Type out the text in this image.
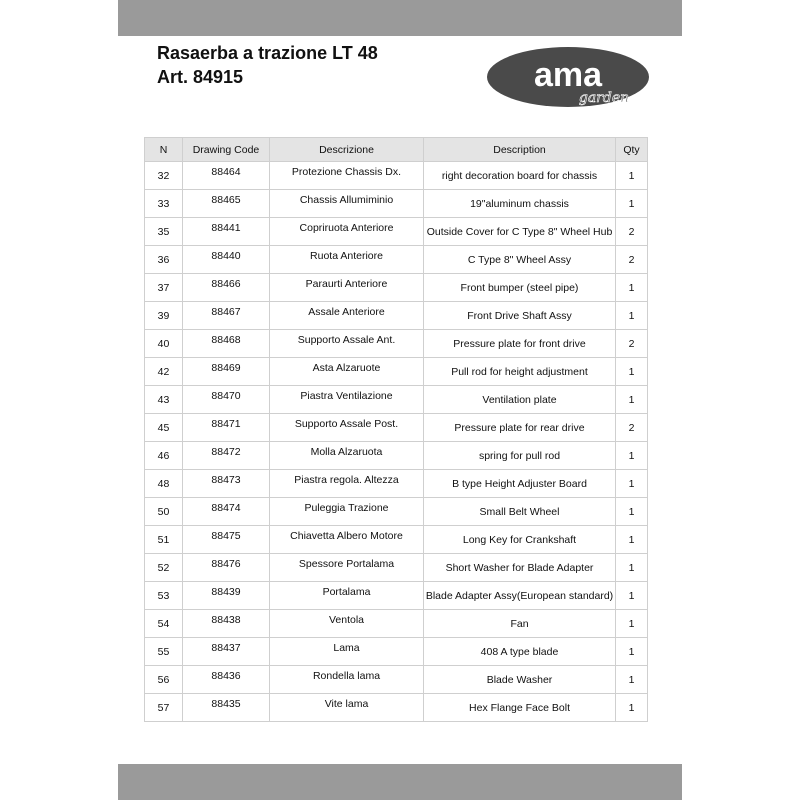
Rasaerba a trazione LT 48
Art. 84915	ama
garden
N	Drawing Code	Descrizione	Description	Qty
32	88464	Protezione Chassis Dx.	right decoration board for chassis	1
33	88465	Chassis Allumiminio	19"aluminum chassis	1
35	88441	Copriruota Anteriore	Outside Cover for C Type 8" Wheel Hub	2
36	88440	Ruota Anteriore	C Type 8" Wheel Assy	2
37	88466	Paraurti Anteriore	Front bumper (steel pipe)	1
39	88467	Assale Anteriore	Front Drive Shaft Assy	1
40	88468	Supporto Assale Ant.	Pressure plate for front drive	2
42	88469	Asta Alzaruote	Pull rod for height adjustment	1
43	88470	Piastra Ventilazione	Ventilation plate	1
45	88471	Supporto Assale Post.	Pressure plate for rear drive	2
46	88472	Molla Alzaruota	spring for pull rod	1
48	88473	Piastra regola. Altezza	B type Height Adjuster Board	1
50	88474	Puleggia Trazione	Small Belt Wheel	1
51	88475	Chiavetta Albero Motore	Long Key for Crankshaft	1
52	88476	Spessore Portalama	Short Washer for Blade Adapter	1
53	88439	Portalama	Blade Adapter Assy(European standard)	1
54	88438	Ventola	Fan	1
55	88437	Lama	408 A type blade	1
56	88436	Rondella lama	Blade Washer	1
57	88435	Vite lama	Hex Flange Face Bolt	1
